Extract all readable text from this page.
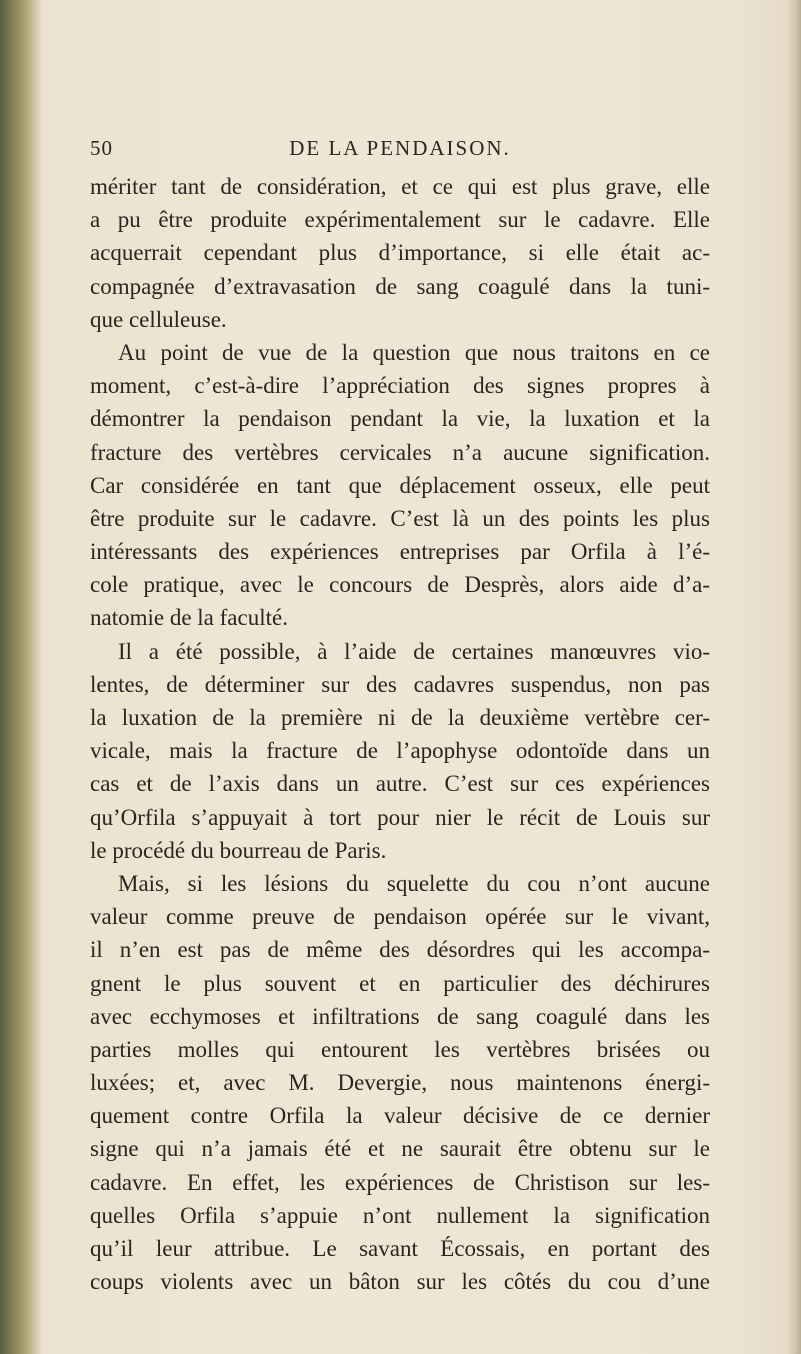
50	DE LA PENDAISON.
mériter tant de considération, et ce qui est plus grave, elle
a pu être produite expérimentalement sur le cadavre. Elle
acquerrait cependant plus d’importance, si elle était ac-
compagnée d’extravasation de sang coagulé dans la tuni-
que celluleuse.
Au point de vue de la question que nous traitons en ce
moment, c’est-à-dire l’appréciation des signes propres à
démontrer la pendaison pendant la vie, la luxation et la
fracture des vertèbres cervicales n’a aucune signification.
Car considérée en tant que déplacement osseux, elle peut
être produite sur le cadavre. C’est là un des points les plus
intéressants des expériences entreprises par Orfila à l’é-
cole pratique, avec le concours de Desprès, alors aide d’a-
natomie de la faculté.
Il a été possible, à l’aide de certaines manœuvres vio-
lentes, de déterminer sur des cadavres suspendus, non pas
la luxation de la première ni de la deuxième vertèbre cer-
vicale, mais la fracture de l’apophyse odontoïde dans un
cas et de l’axis dans un autre. C’est sur ces expériences
qu’Orfila s’appuyait à tort pour nier le récit de Louis sur
le procédé du bourreau de Paris.
Mais, si les lésions du squelette du cou n’ont aucune
valeur comme preuve de pendaison opérée sur le vivant,
il n’en est pas de même des désordres qui les accompa-
gnent le plus souvent et en particulier des déchirures
avec ecchymoses et infiltrations de sang coagulé dans les
parties molles qui entourent les vertèbres brisées ou
luxées; et, avec M. Devergie, nous maintenons énergi-
quement contre Orfila la valeur décisive de ce dernier
signe qui n’a jamais été et ne saurait être obtenu sur le
cadavre. En effet, les expériences de Christison sur les-
quelles Orfila s’appuie n’ont nullement la signification
qu’il leur attribue. Le savant Écossais, en portant des
coups violents avec un bâton sur les côtés du cou d’une
